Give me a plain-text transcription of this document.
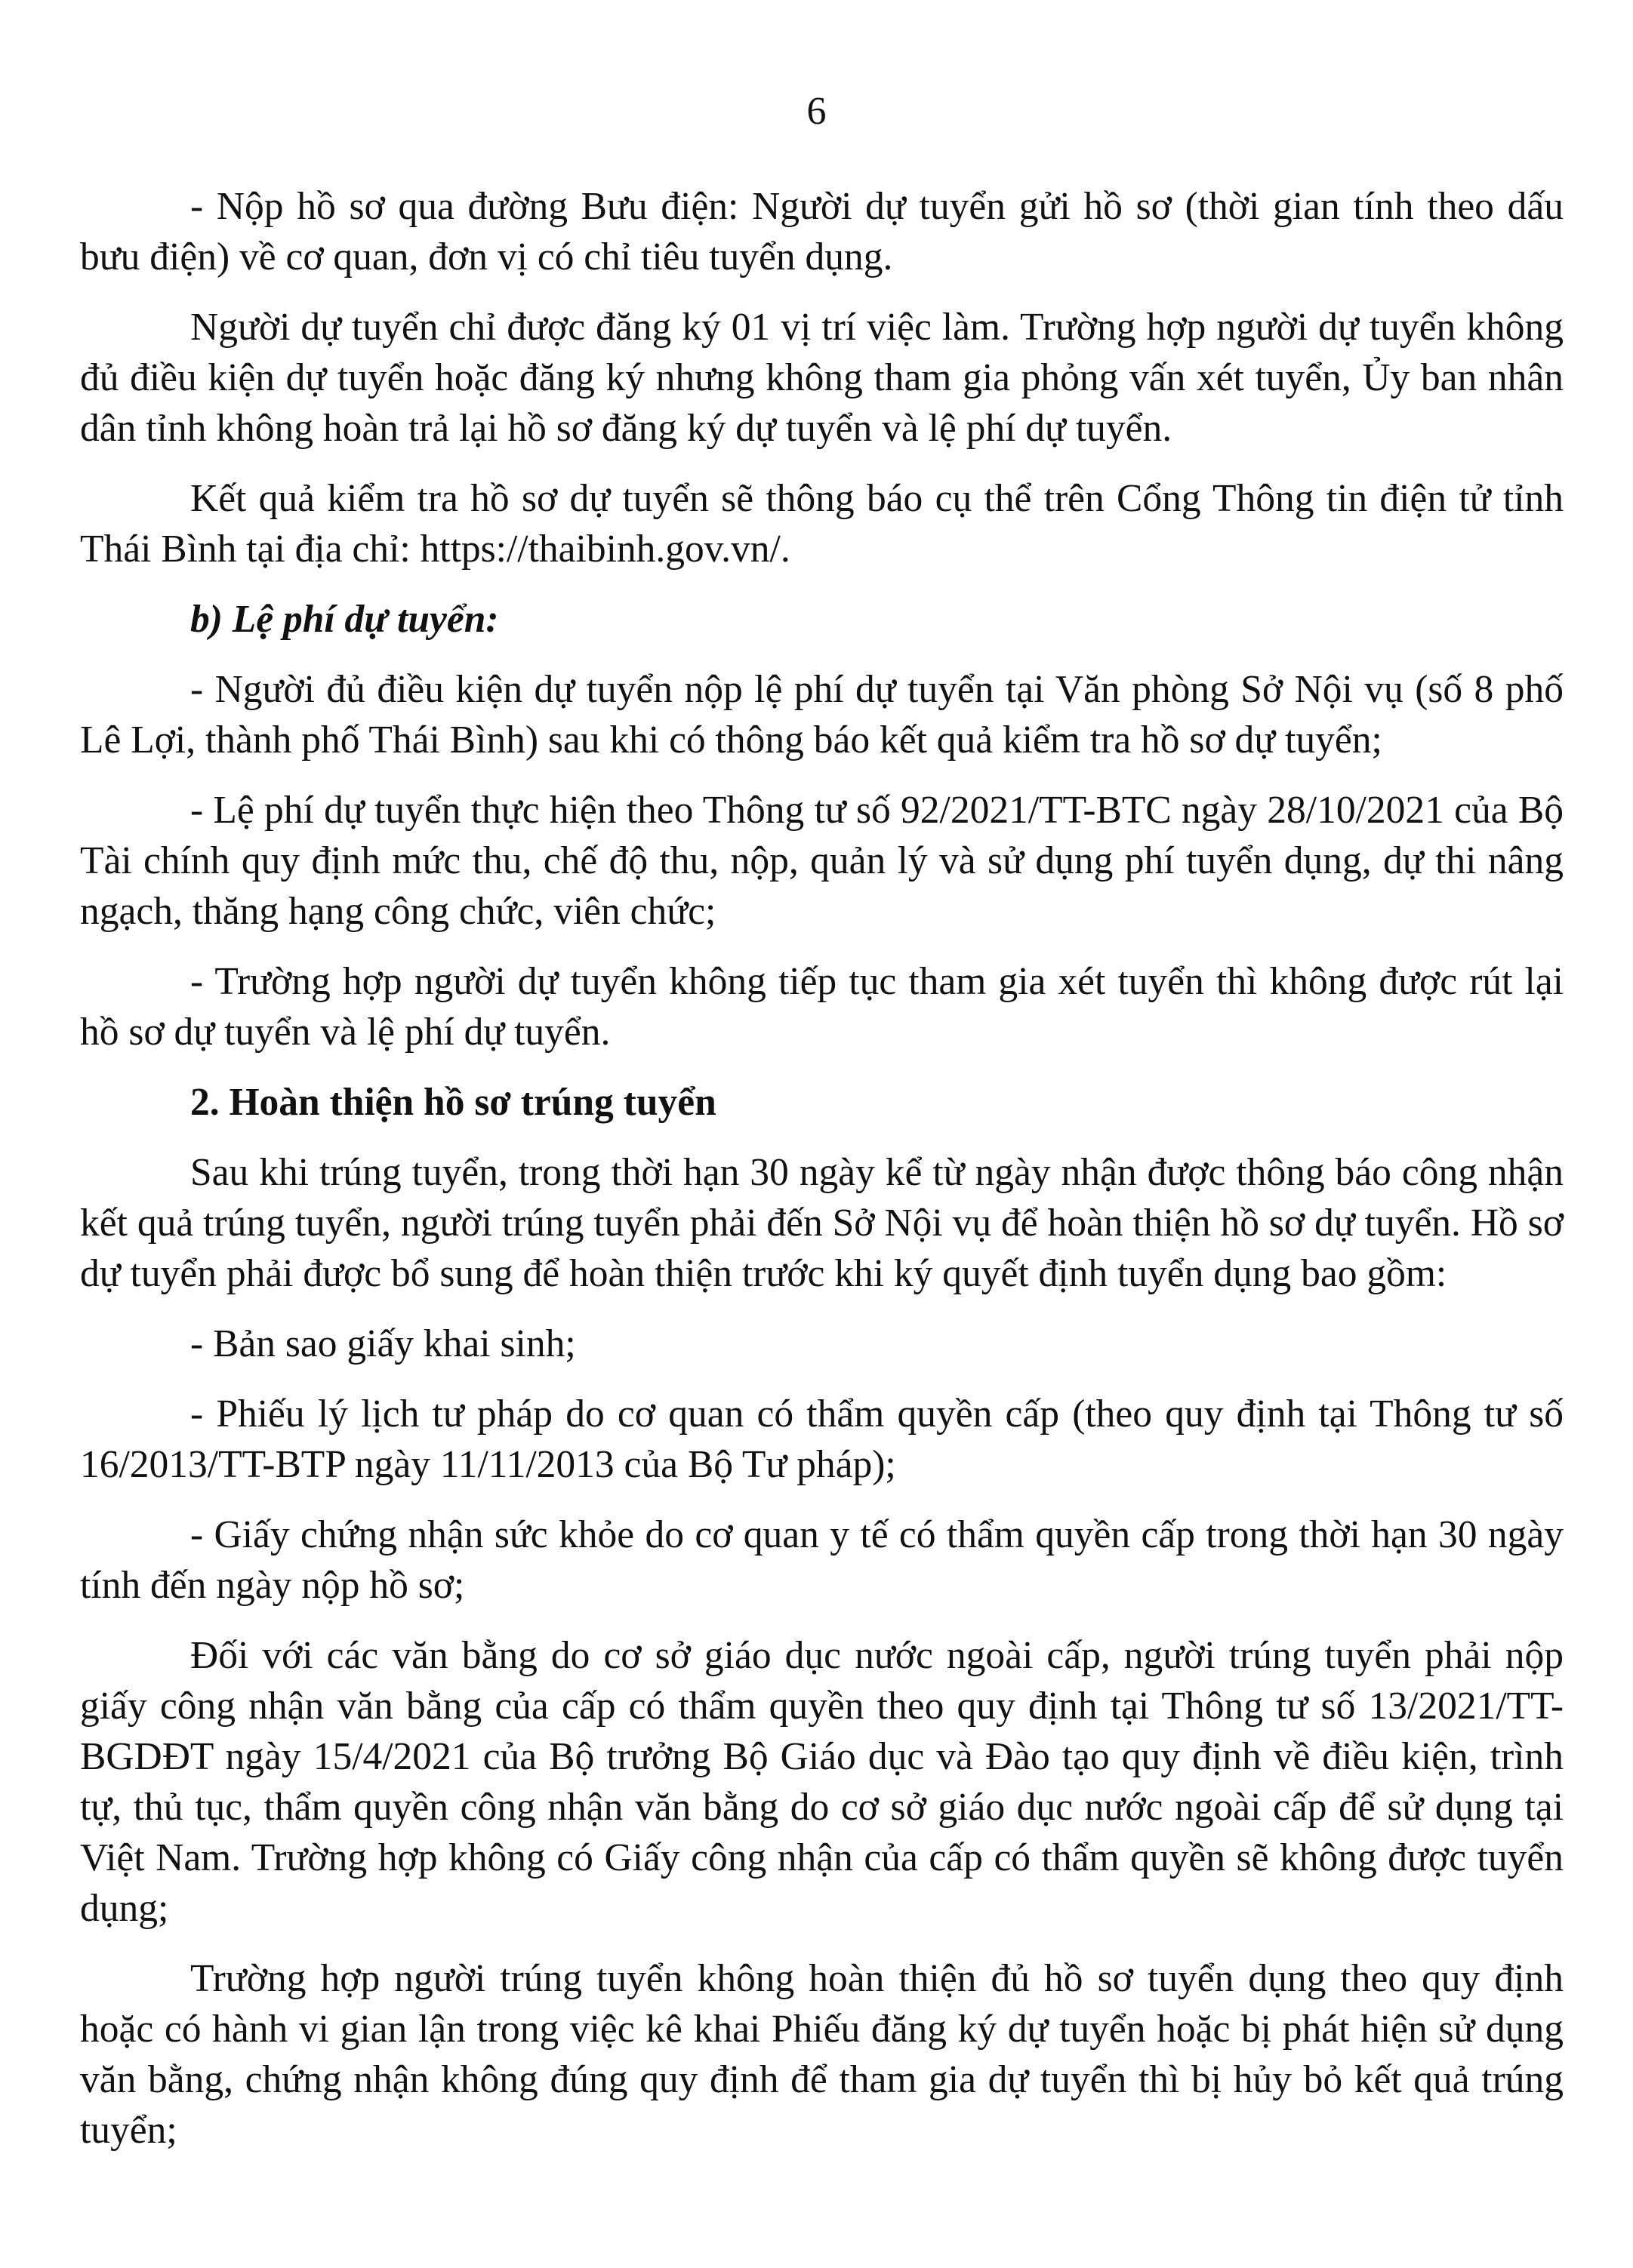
6

- Nộp hồ sơ qua đường Bưu điện: Người dự tuyển gửi hồ sơ (thời gian tính theo dấu bưu điện) về cơ quan, đơn vị có chỉ tiêu tuyển dụng.

Người dự tuyển chỉ được đăng ký 01 vị trí việc làm. Trường hợp người dự tuyển không đủ điều kiện dự tuyển hoặc đăng ký nhưng không tham gia phỏng vấn xét tuyển, Ủy ban nhân dân tỉnh không hoàn trả lại hồ sơ đăng ký dự tuyển và lệ phí dự tuyển.

Kết quả kiểm tra hồ sơ dự tuyển sẽ thông báo cụ thể trên Cổng Thông tin điện tử tỉnh Thái Bình tại địa chỉ: https://thaibinh.gov.vn/.

b) Lệ phí dự tuyển:

- Người đủ điều kiện dự tuyển nộp lệ phí dự tuyển tại Văn phòng Sở Nội vụ (số 8 phố Lê Lợi, thành phố Thái Bình) sau khi có thông báo kết quả kiểm tra hồ sơ dự tuyển;

- Lệ phí dự tuyển thực hiện theo Thông tư số 92/2021/TT-BTC ngày 28/10/2021 của Bộ Tài chính quy định mức thu, chế độ thu, nộp, quản lý và sử dụng phí tuyển dụng, dự thi nâng ngạch, thăng hạng công chức, viên chức;

- Trường hợp người dự tuyển không tiếp tục tham gia xét tuyển thì không được rút lại hồ sơ dự tuyển và lệ phí dự tuyển.

2. Hoàn thiện hồ sơ trúng tuyển

Sau khi trúng tuyển, trong thời hạn 30 ngày kể từ ngày nhận được thông báo công nhận kết quả trúng tuyển, người trúng tuyển phải đến Sở Nội vụ để hoàn thiện hồ sơ dự tuyển. Hồ sơ dự tuyển phải được bổ sung để hoàn thiện trước khi ký quyết định tuyển dụng bao gồm:

- Bản sao giấy khai sinh;

- Phiếu lý lịch tư pháp do cơ quan có thẩm quyền cấp (theo quy định tại Thông tư số 16/2013/TT-BTP ngày 11/11/2013 của Bộ Tư pháp);

- Giấy chứng nhận sức khỏe do cơ quan y tế có thẩm quyền cấp trong thời hạn 30 ngày tính đến ngày nộp hồ sơ;

Đối với các văn bằng do cơ sở giáo dục nước ngoài cấp, người trúng tuyển phải nộp giấy công nhận văn bằng của cấp có thẩm quyền theo quy định tại Thông tư số 13/2021/TT-BGDĐT ngày 15/4/2021 của Bộ trưởng Bộ Giáo dục và Đào tạo quy định về điều kiện, trình tự, thủ tục, thẩm quyền công nhận văn bằng do cơ sở giáo dục nước ngoài cấp để sử dụng tại Việt Nam. Trường hợp không có Giấy công nhận của cấp có thẩm quyền sẽ không được tuyển dụng;

Trường hợp người trúng tuyển không hoàn thiện đủ hồ sơ tuyển dụng theo quy định hoặc có hành vi gian lận trong việc kê khai Phiếu đăng ký dự tuyển hoặc bị phát hiện sử dụng văn bằng, chứng nhận không đúng quy định để tham gia dự tuyển thì bị hủy bỏ kết quả trúng tuyển;
